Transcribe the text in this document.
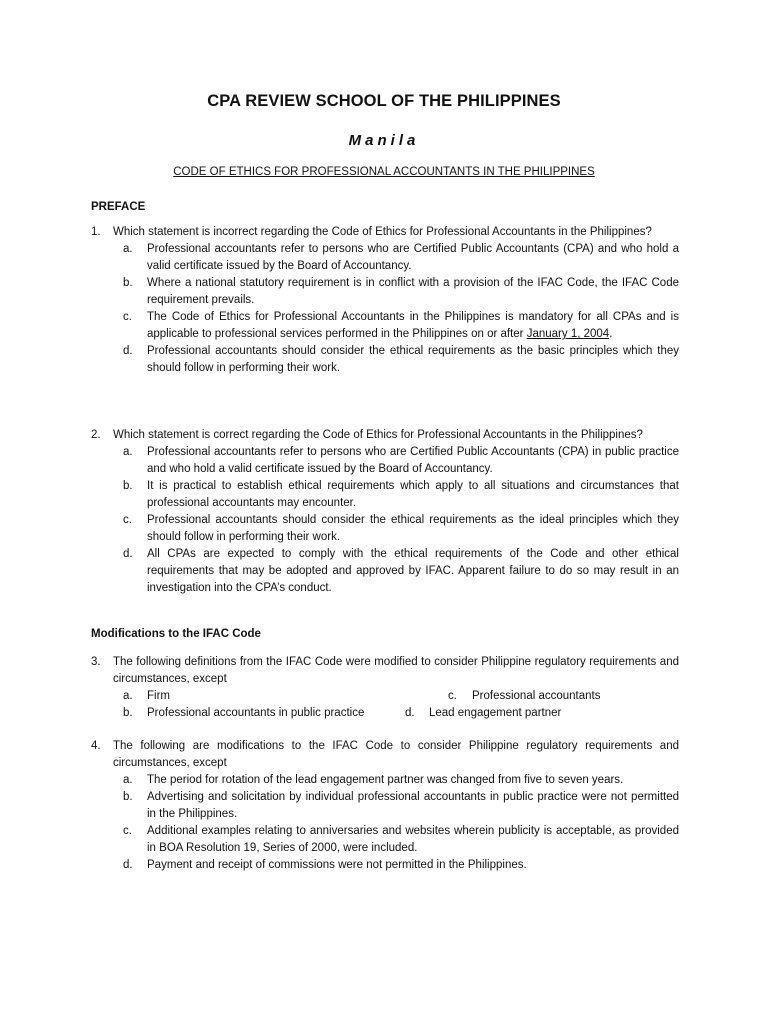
CPA REVIEW SCHOOL OF THE PHILIPPINES
Manila
CODE OF ETHICS FOR PROFESSIONAL ACCOUNTANTS IN THE PHILIPPINES
PREFACE
1.	Which statement is incorrect regarding the Code of Ethics for Professional Accountants in the Philippines?
a.	Professional accountants refer to persons who are Certified Public Accountants (CPA) and who hold a valid certificate issued by the Board of Accountancy.
b.	Where a national statutory requirement is in conflict with a provision of the IFAC Code, the IFAC Code requirement prevails.
c.	The Code of Ethics for Professional Accountants in the Philippines is mandatory for all CPAs and is applicable to professional services performed in the Philippines on or after January 1, 2004.
d.	Professional accountants should consider the ethical requirements as the basic principles which they should follow in performing their work.
2.	Which statement is correct regarding the Code of Ethics for Professional Accountants in the Philippines?
a.	Professional accountants refer to persons who are Certified Public Accountants (CPA) in public practice and who hold a valid certificate issued by the Board of Accountancy.
b.	It is practical to establish ethical requirements which apply to all situations and circumstances that professional accountants may encounter.
c.	Professional accountants should consider the ethical requirements as the ideal principles which they should follow in performing their work.
d.	All CPAs are expected to comply with the ethical requirements of the Code and other ethical requirements that may be adopted and approved by IFAC. Apparent failure to do so may result in an investigation into the CPA’s conduct.
Modifications to the IFAC Code
3.	The following definitions from the IFAC Code were modified to consider Philippine regulatory requirements and circumstances, except
a.	Firm	c.	Professional accountants
b.	Professional accountants in public practice	d.	Lead engagement partner
4.	The following are modifications to the IFAC Code to consider Philippine regulatory requirements and circumstances, except
a.	The period for rotation of the lead engagement partner was changed from five to seven years.
b.	Advertising and solicitation by individual professional accountants in public practice were not permitted in the Philippines.
c.	Additional examples relating to anniversaries and websites wherein publicity is acceptable, as provided in BOA Resolution 19, Series of 2000, were included.
d.	Payment and receipt of commissions were not permitted in the Philippines.
